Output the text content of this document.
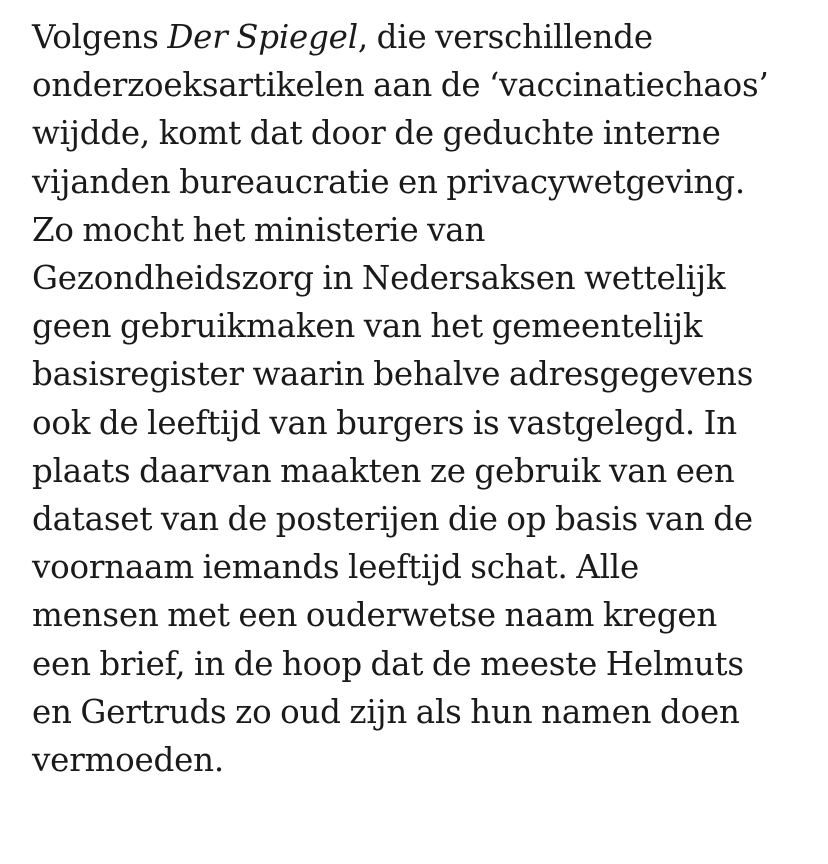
Volgens Der Spiegel, die verschillende
onderzoeksartikelen aan de ‘vaccinatiechaos’
wijdde, komt dat door de geduchte interne
vijanden bureaucratie en privacywetgeving.
Zo mocht het ministerie van
Gezondheidszorg in Nedersaksen wettelijk
geen gebruikmaken van het gemeentelijk
basisregister waarin behalve adresgegevens
ook de leeftijd van burgers is vastgelegd. In
plaats daarvan maakten ze gebruik van een
dataset van de posterijen die op basis van de
voornaam iemands leeftijd schat. Alle
mensen met een ouderwetse naam kregen
een brief, in de hoop dat de meeste Helmuts
en Gertruds zo oud zijn als hun namen doen
vermoeden.
